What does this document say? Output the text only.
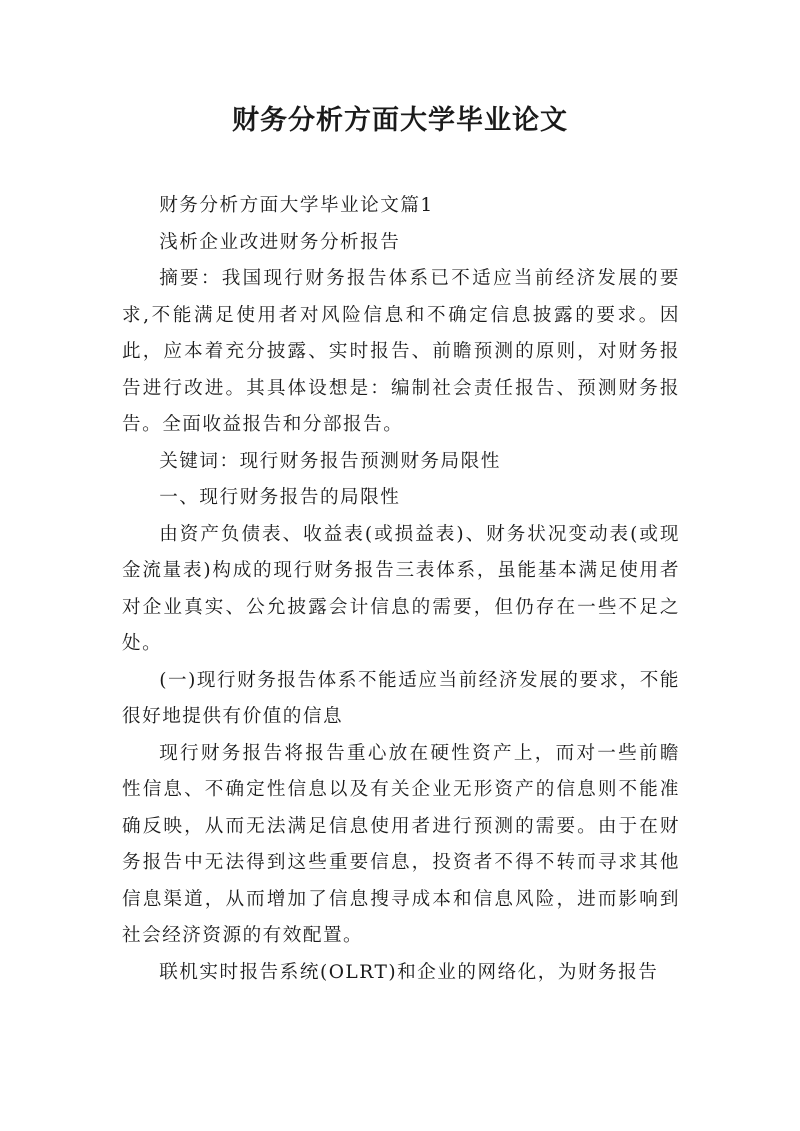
财务分析方面大学毕业论文

财务分析方面大学毕业论文篇1

浅析企业改进财务分析报告

摘要：我国现行财务报告体系已不适应当前经济发展的要求,不能满足使用者对风险信息和不确定信息披露的要求。因此，应本着充分披露、实时报告、前瞻预测的原则，对财务报告进行改进。其具体设想是：编制社会责任报告、预测财务报告。全面收益报告和分部报告。

关键词：现行财务报告预测财务局限性

一、现行财务报告的局限性

由资产负债表、收益表(或损益表)、财务状况变动表(或现金流量表)构成的现行财务报告三表体系，虽能基本满足使用者对企业真实、公允披露会计信息的需要，但仍存在一些不足之处。

(一)现行财务报告体系不能适应当前经济发展的要求，不能很好地提供有价值的信息

现行财务报告将报告重心放在硬性资产上，而对一些前瞻性信息、不确定性信息以及有关企业无形资产的信息则不能准确反映，从而无法满足信息使用者进行预测的需要。由于在财务报告中无法得到这些重要信息，投资者不得不转而寻求其他信息渠道，从而增加了信息搜寻成本和信息风险，进而影响到社会经济资源的有效配置。

联机实时报告系统(OLRT)和企业的网络化，为财务报告
